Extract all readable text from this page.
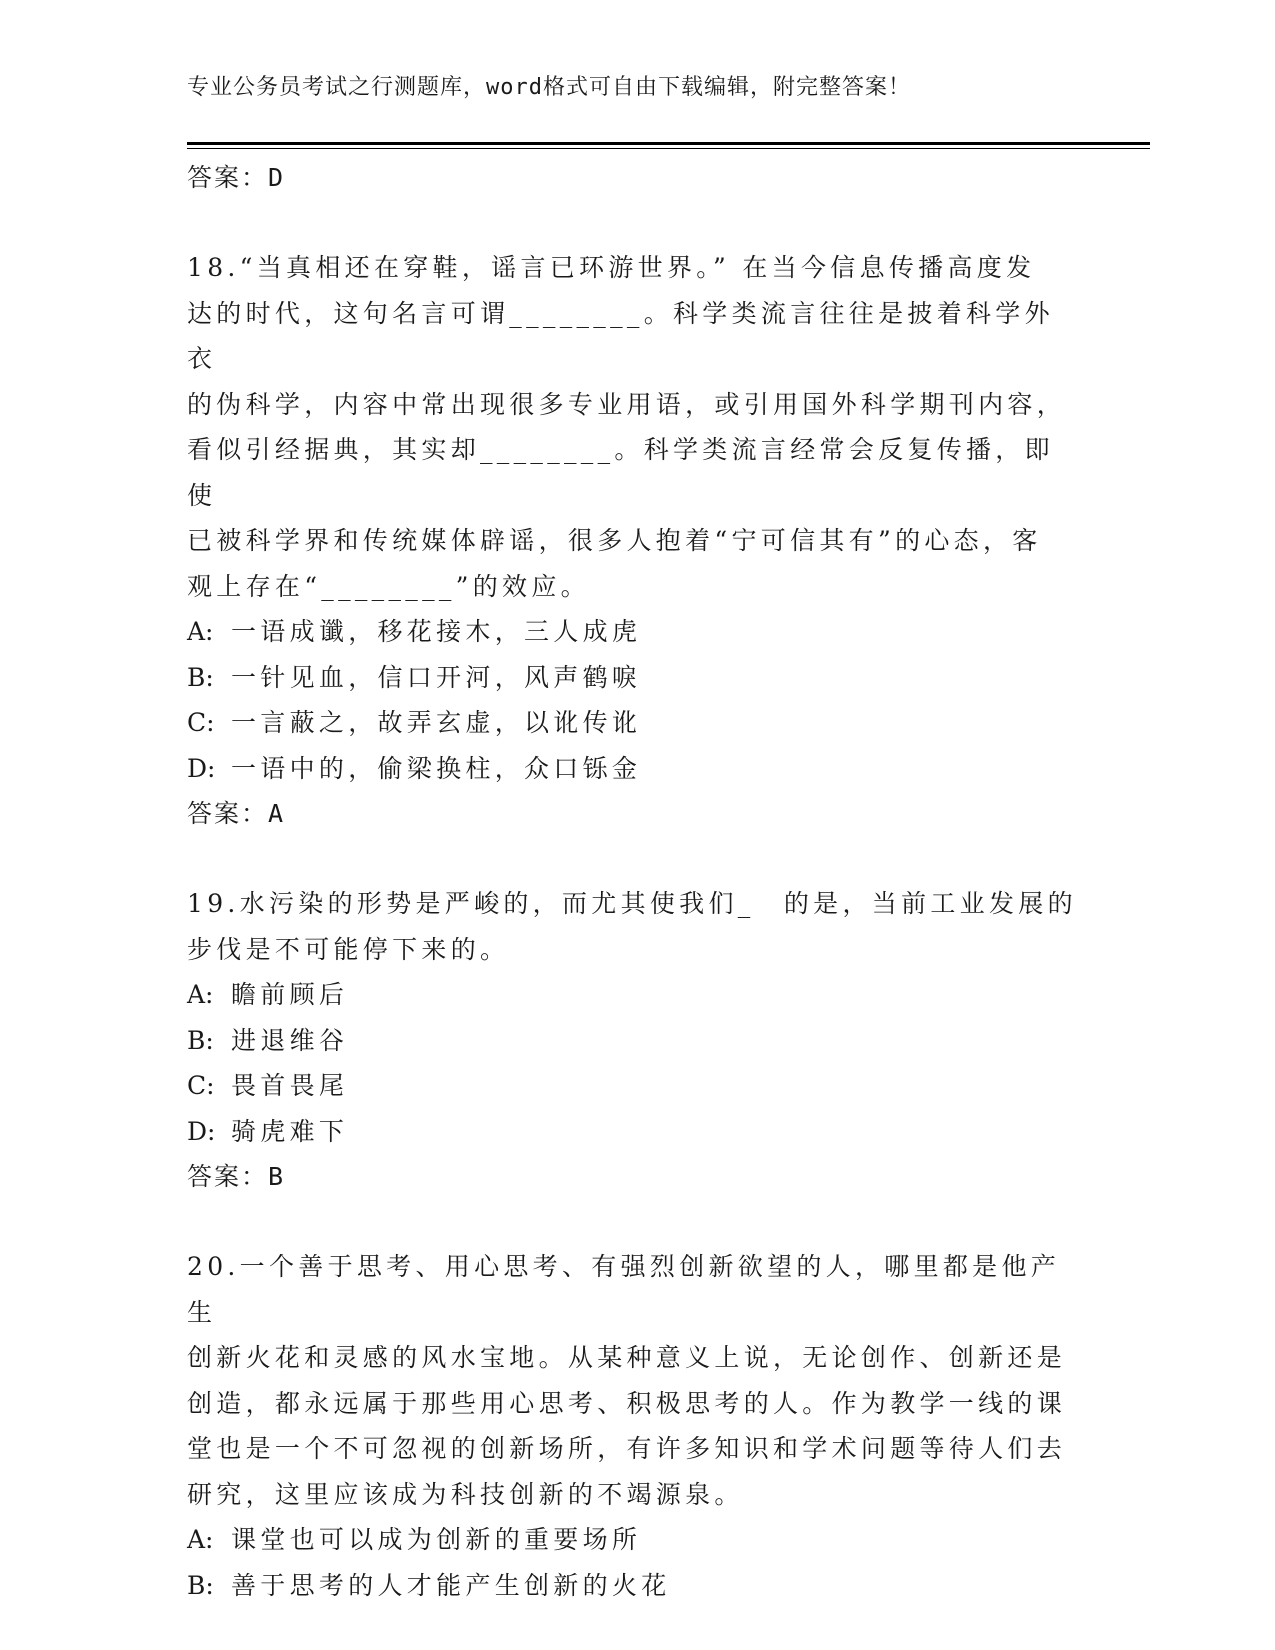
专业公务员考试之行测题库，word格式可自由下载编辑，附完整答案！

答案：D

18.“当真相还在穿鞋，谣言已环游世界。” 在当今信息传播高度发
达的时代，这句名言可谓________。科学类流言往往是披着科学外衣
的伪科学，内容中常出现很多专业用语，或引用国外科学期刊内容，
看似引经据典，其实却________。科学类流言经常会反复传播，即使
已被科学界和传统媒体辟谣，很多人抱着“宁可信其有”的心态，客
观上存在“________”的效应。

A: 一语成谶，移花接木，三人成虎

B: 一针见血，信口开河，风声鹤唳

C: 一言蔽之，故弄玄虚，以讹传讹

D: 一语中的，偷梁换柱，众口铄金

答案：A

19.水污染的形势是严峻的，而尤其使我们_　的是，当前工业发展的
步伐是不可能停下来的。

A: 瞻前顾后

B: 进退维谷

C: 畏首畏尾

D: 骑虎难下

答案：B

20.一个善于思考、用心思考、有强烈创新欲望的人，哪里都是他产生
创新火花和灵感的风水宝地。从某种意义上说，无论创作、创新还是
创造，都永远属于那些用心思考、积极思考的人。作为教学一线的课
堂也是一个不可忽视的创新场所，有许多知识和学术问题等待人们去
研究，这里应该成为科技创新的不竭源泉。

A: 课堂也可以成为创新的重要场所

B: 善于思考的人才能产生创新的火花
